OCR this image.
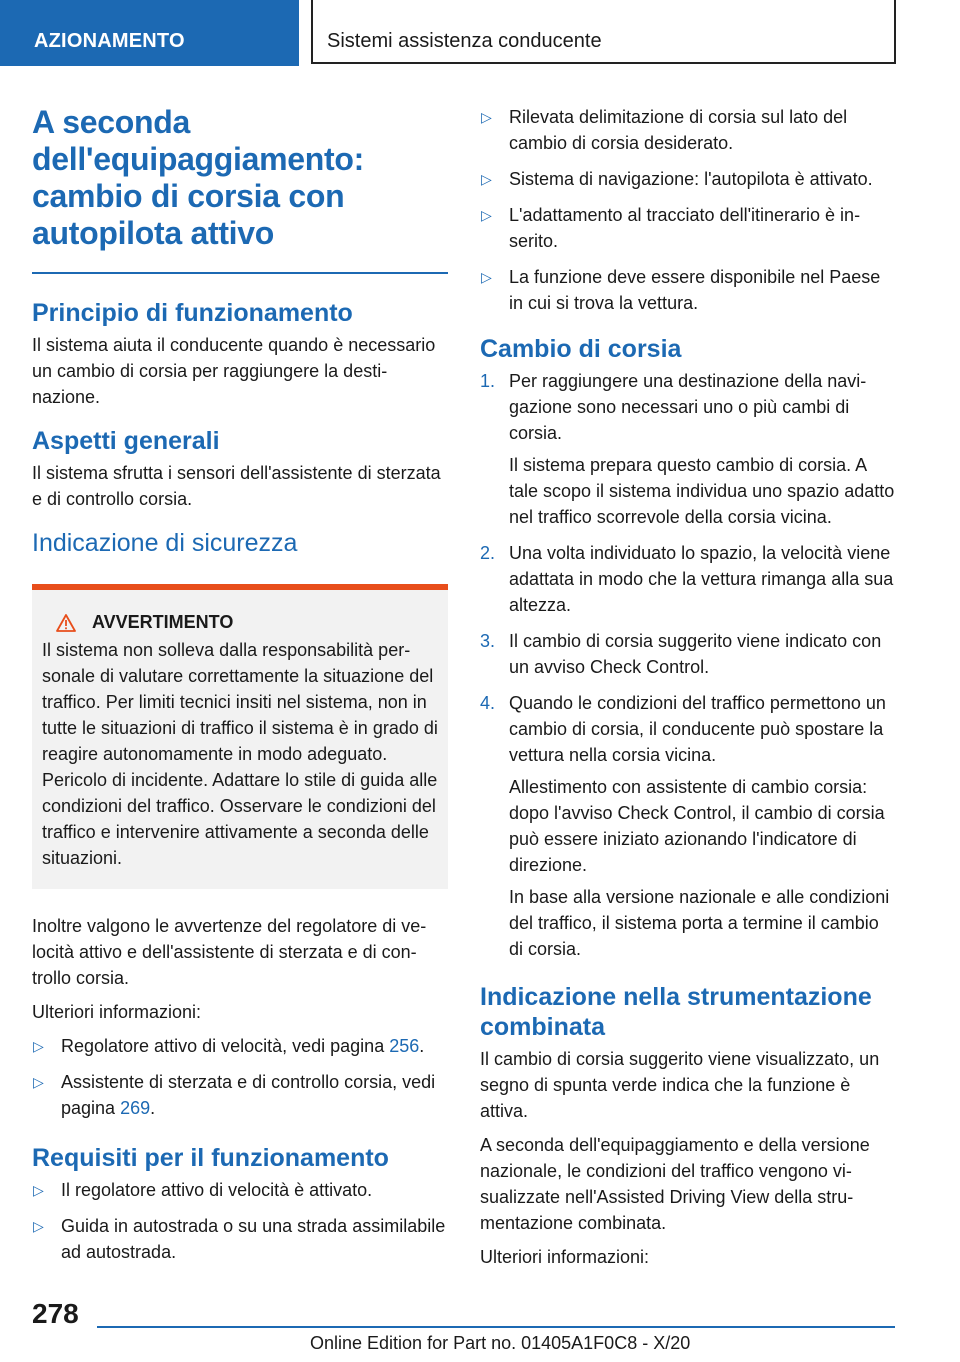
AZIONAMENTO	Sistemi assistenza conducente
A seconda dell'equipaggiamento: cambio di corsia con autopilota attivo
Principio di funzionamento

Il sistema aiuta il conducente quando è necessario un cambio di corsia per raggiungere la destinazione.

Aspetti generali

Il sistema sfrutta i sensori dell'assistente di sterzata e di controllo corsia.

Indicazione di sicurezza
AVVERTIMENTO

Il sistema non solleva dalla responsabilità personale di valutare correttamente la situazione del traffico. Per limiti tecnici insiti nel sistema, non in tutte le situazioni di traffico il sistema è in grado di reagire autonomamente in modo adeguato. Pericolo di incidente. Adattare lo stile di guida alle condizioni del traffico. Osservare le condizioni del traffico e intervenire attivamente a seconda delle situazioni.

Inoltre valgono le avvertenze del regolatore di velocità attivo e dell'assistente di sterzata e di controllo corsia.

Ulteriori informazioni:

▷ Regolatore attivo di velocità, vedi pagina 256.
▷ Assistente di sterzata e di controllo corsia, vedi pagina 269.
Requisiti per il funzionamento
▷ Il regolatore attivo di velocità è attivato.
▷ Guida in autostrada o su una strada assimilabile ad autostrada.
▷ Rilevata delimitazione di corsia sul lato del cambio di corsia desiderato.
▷ Sistema di navigazione: l'autopilota è attivato.
▷ L'adattamento al tracciato dell'itinerario è inserito.
▷ La funzione deve essere disponibile nel Paese in cui si trova la vettura.
Cambio di corsia
1. Per raggiungere una destinazione della navigazione sono necessari uno o più cambi di corsia.

Il sistema prepara questo cambio di corsia. A tale scopo il sistema individua uno spazio adatto nel traffico scorrevole della corsia vicina.

2. Una volta individuato lo spazio, la velocità viene adattata in modo che la vettura rimanga alla sua altezza.
3. Il cambio di corsia suggerito viene indicato con un avviso Check Control.
4. Quando le condizioni del traffico permettono un cambio di corsia, il conducente può spostare la vettura nella corsia vicina.

Allestimento con assistente di cambio corsia: dopo l'avviso Check Control, il cambio di corsia può essere iniziato azionando l'indicatore di direzione.

In base alla versione nazionale e alle condizioni del traffico, il sistema porta a termine il cambio di corsia.

Indicazione nella strumentazione combinata

Il cambio di corsia suggerito viene visualizzato, un segno di spunta verde indica che la funzione è attiva.

A seconda dell'equipaggiamento e della versione nazionale, le condizioni del traffico vengono visualizzate nell'Assisted Driving View della strumentazione combinata.

Ulteriori informazioni:

278
Online Edition for Part no. 01405A1F0C8 - X/20
